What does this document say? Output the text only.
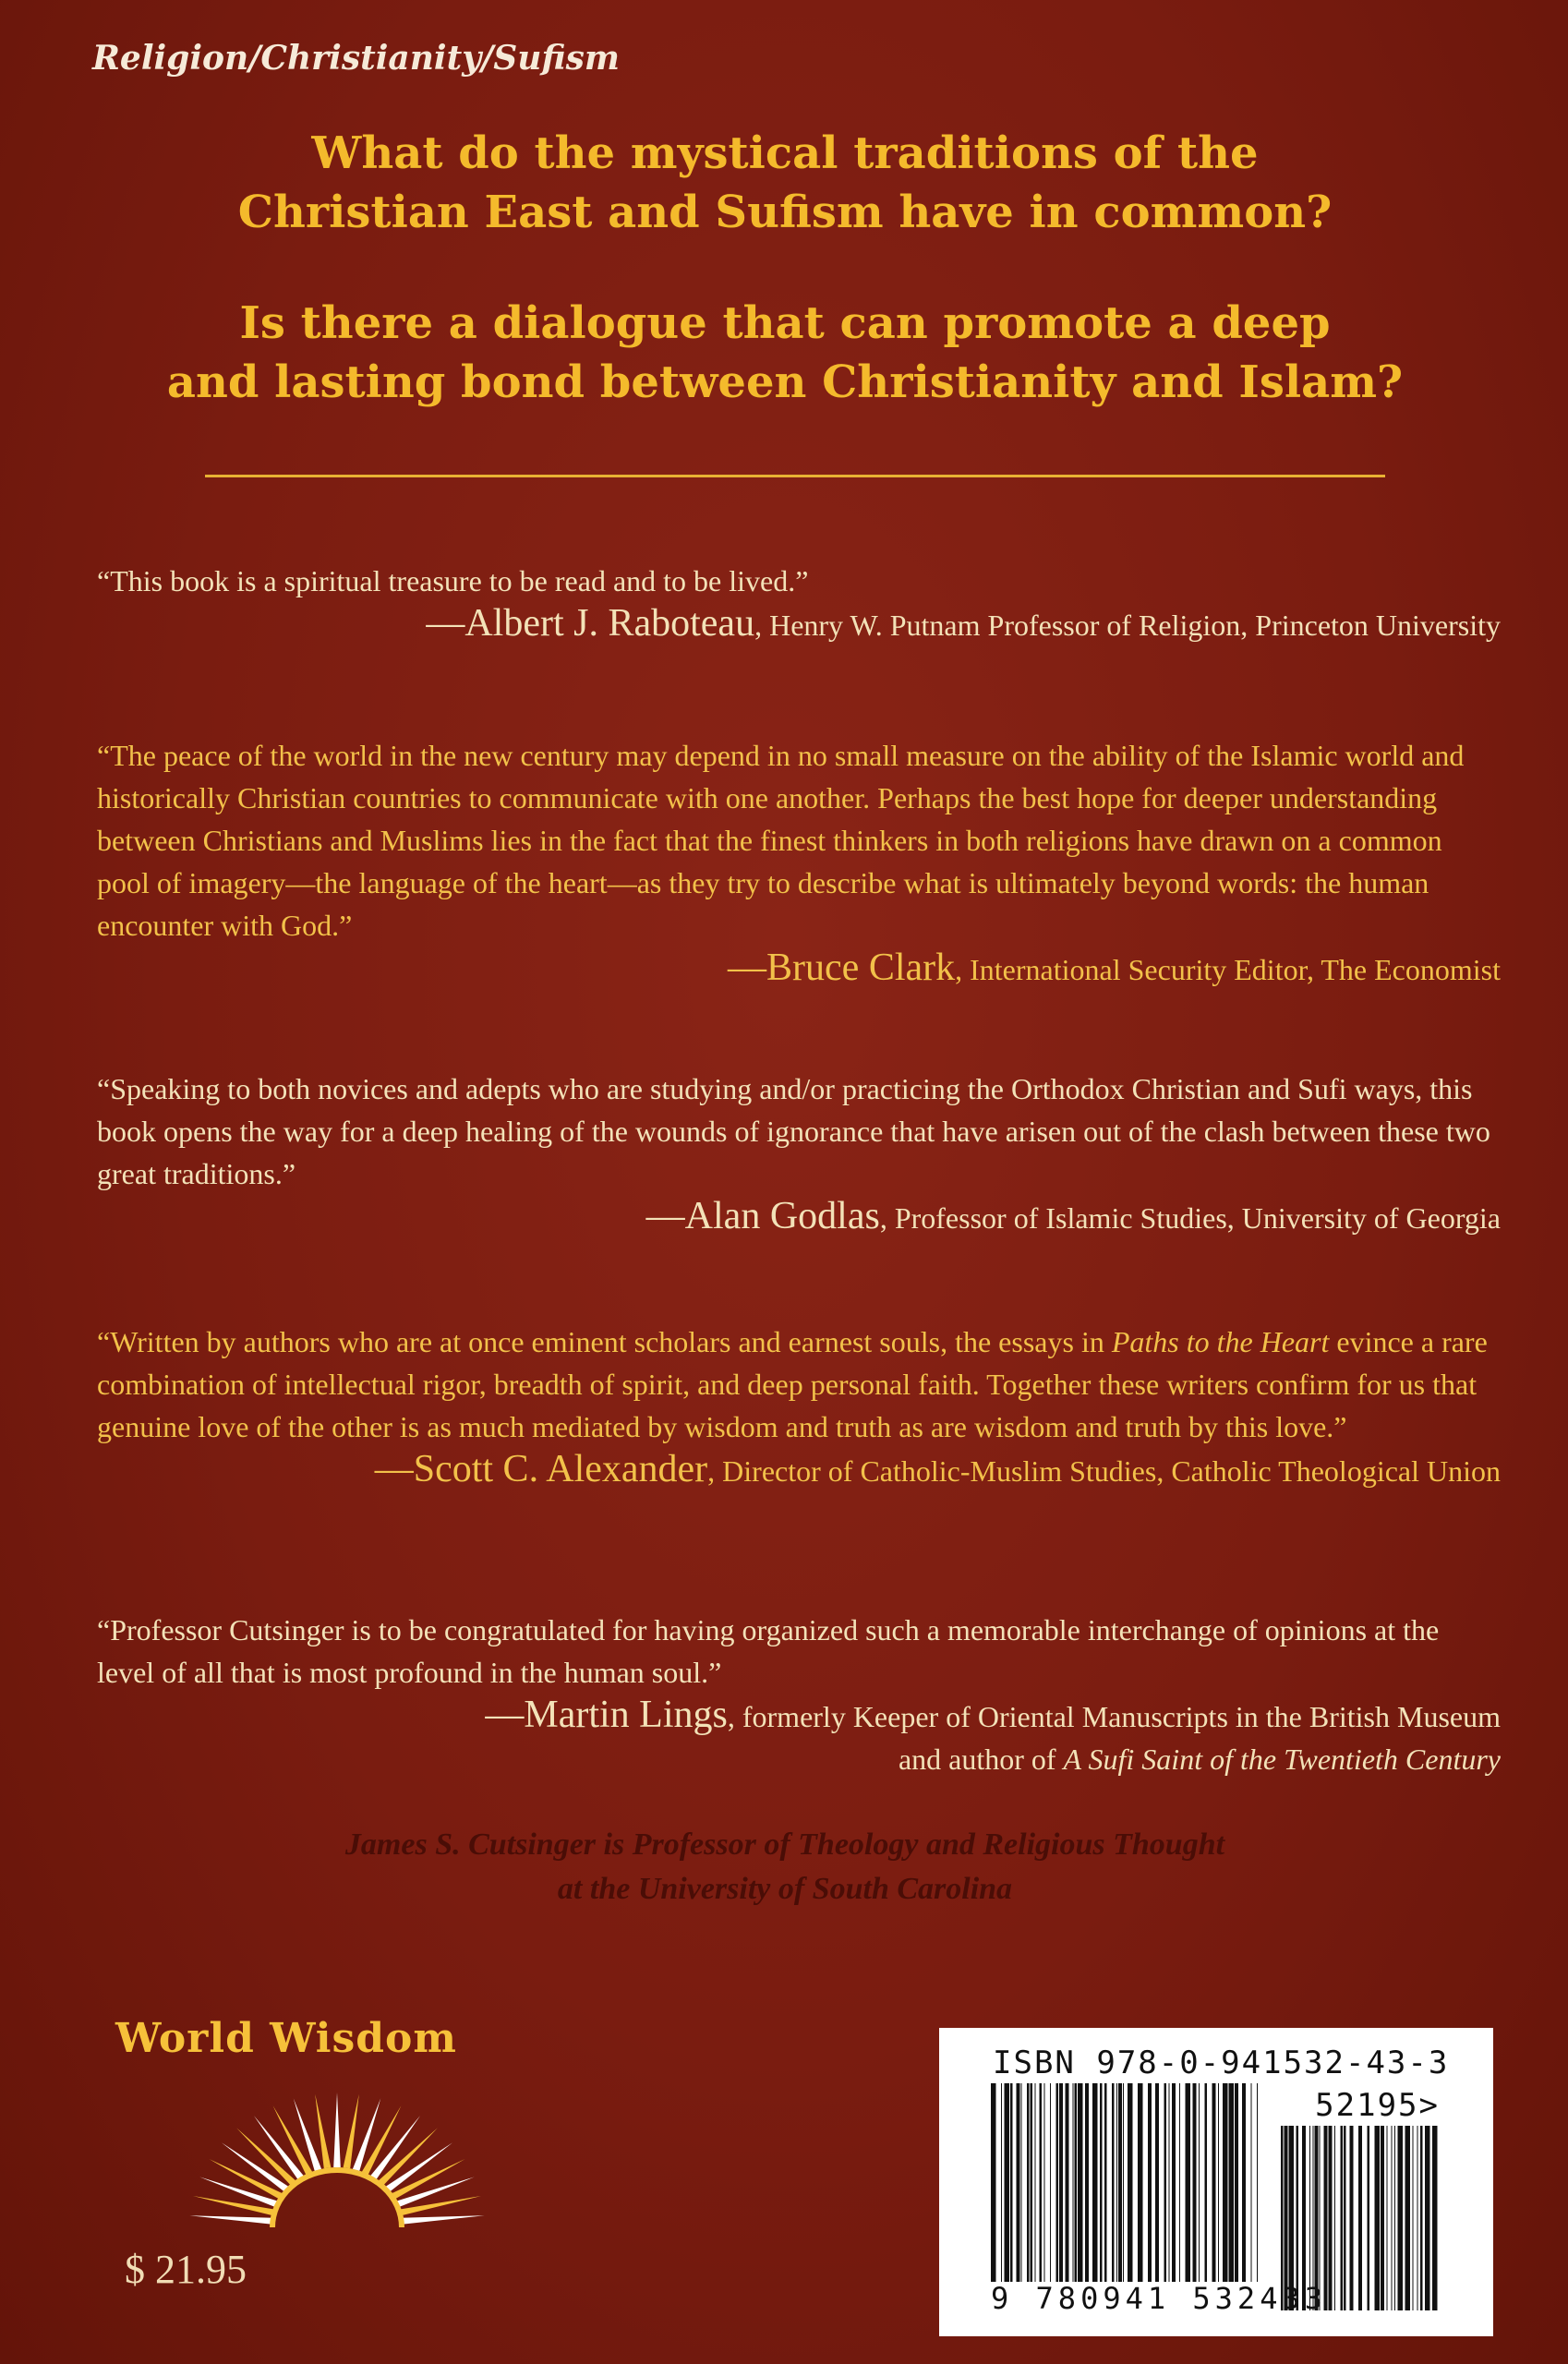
Religion/Christianity/Sufism
What do the mystical traditions of the
Christian East and Sufism have in common?
Is there a dialogue that can promote a deep
and lasting bond between Christianity and Islam?
“This book is a spiritual treasure to be read and to be lived.”
—Albert J. Raboteau, Henry W. Putnam Professor of Religion, Princeton University
“The peace of the world in the new century may depend in no small measure on the ability of the Islamic world and historically Christian countries to communicate with one another. Perhaps the best hope for deeper understanding between Christians and Muslims lies in the fact that the finest thinkers in both religions have drawn on a common pool of imagery—the language of the heart—as they try to describe what is ultimately beyond words: the human encounter with God.”
—Bruce Clark, International Security Editor, The Economist
“Speaking to both novices and adepts who are studying and/or practicing the Orthodox Christian and Sufi ways, this book opens the way for a deep healing of the wounds of ignorance that have arisen out of the clash between these two great traditions.”
—Alan Godlas, Professor of Islamic Studies, University of Georgia
“Written by authors who are at once eminent scholars and earnest souls, the essays in Paths to the Heart evince a rare combination of intellectual rigor, breadth of spirit, and deep personal faith. Together these writers confirm for us that genuine love of the other is as much mediated by wisdom and truth as are wisdom and truth by this love.”
—Scott C. Alexander, Director of Catholic-Muslim Studies, Catholic Theological Union
“Professor Cutsinger is to be congratulated for having organized such a memorable interchange of opinions at the level of all that is most profound in the human soul.”
—Martin Lings, formerly Keeper of Oriental Manuscripts in the British Museum
and author of A Sufi Saint of the Twentieth Century
James S. Cutsinger is Professor of Theology and Religious Thought
at the University of South Carolina
World Wisdom
$ 21.95
ISBN 978-0-941532-43-3
52195>
9 780941 532433
